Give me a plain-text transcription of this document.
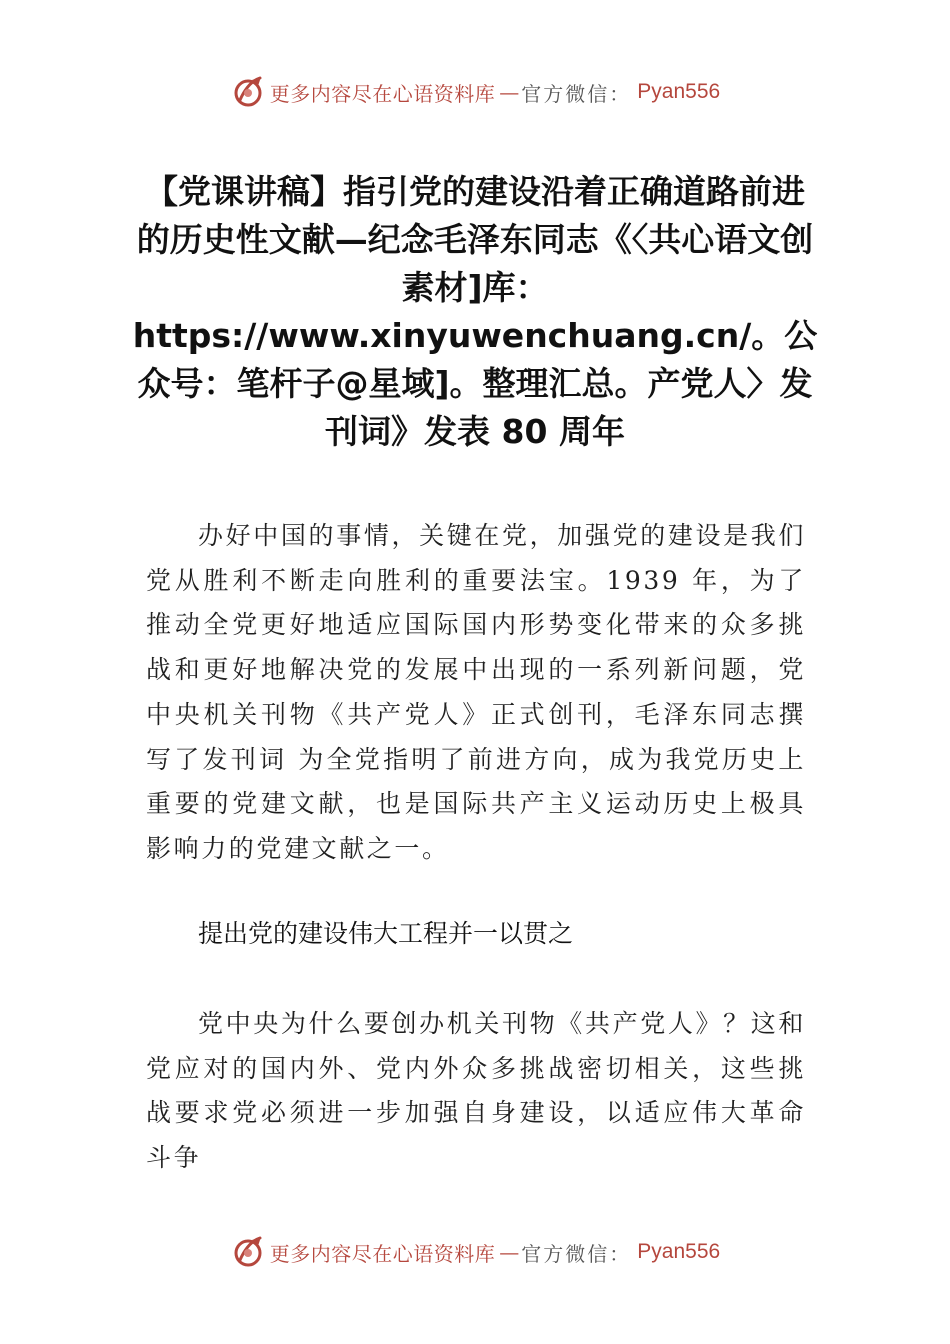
更多内容尽在心语资料库 — 官方微信： Pyan556
【党课讲稿】指引党的建设沿着正确道路前进的历史性文献—纪念毛泽东同志《〈共心语文创素材]库：https://www.xinyuwenchuang.cn/。公众号：笔杆子@星域]。整理汇总。产党人〉发刊词》发表 80 周年
办好中国的事情，关键在党，加强党的建设是我们党从胜利不断走向胜利的重要法宝。1939 年，为了推动全党更好地适应国际国内形势变化带来的众多挑战和更好地解决党的发展中出现的一系列新问题，党中央机关刊物《共产党人》正式创刊，毛泽东同志撰写了发刊词 为全党指明了前进方向，成为我党历史上重要的党建文献，也是国际共产主义运动历史上极具影响力的党建文献之一。
提出党的建设伟大工程并一以贯之
党中央为什么要创办机关刊物《共产党人》？这和党应对的国内外、党内外众多挑战密切相关，这些挑战要求党必须进一步加强自身建设，以适应伟大革命斗争
更多内容尽在心语资料库 — 官方微信： Pyan556
